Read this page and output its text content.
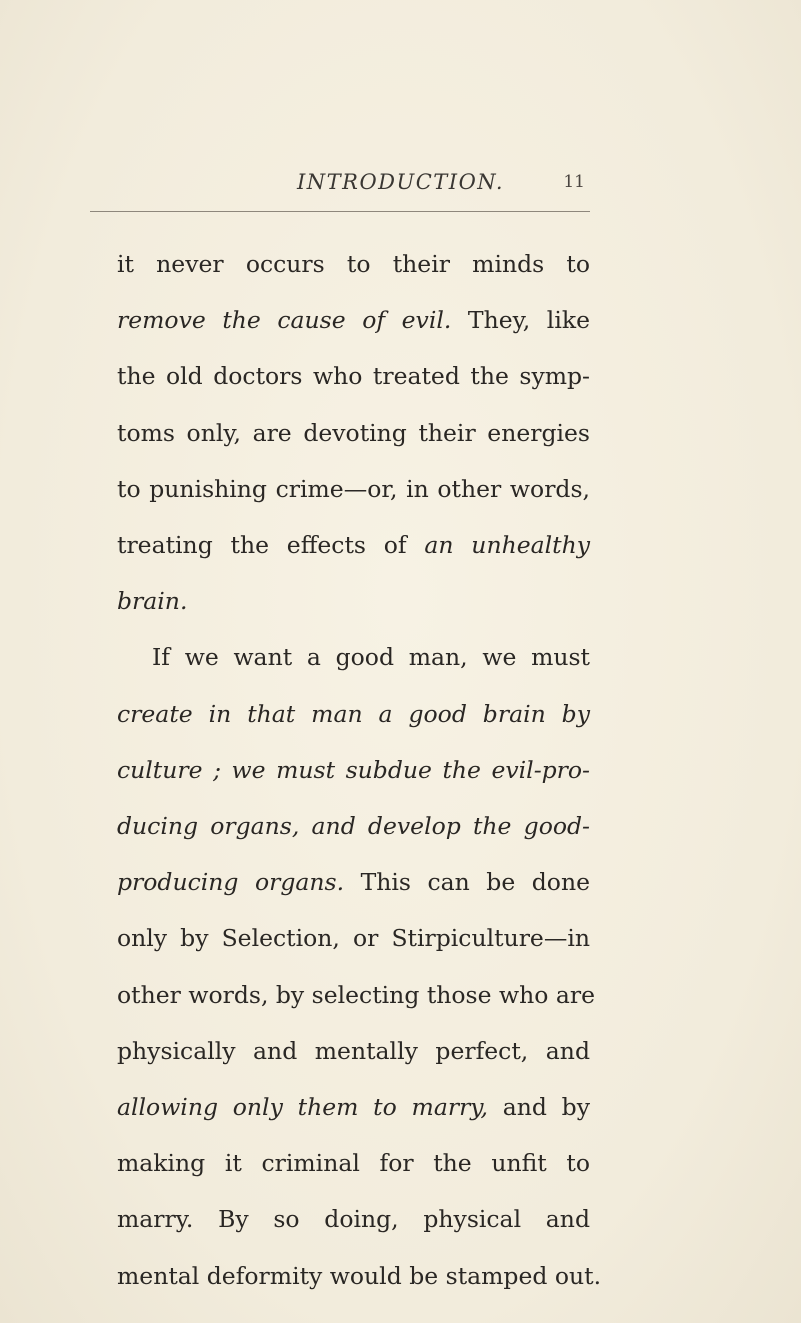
INTRODUCTION.	11
it never occurs to their minds to
remove the cause of evil. They, like
the old doctors who treated the symp-
toms only, are devoting their energies
to punishing crime—or, in other words,
treating the effects of an unhealthy
brain.
If we want a good man, we must
create in that man a good brain by
culture ; we must subdue the evil-pro-
ducing organs, and develop the good-
producing organs. This can be done
only by Selection, or Stirpiculture—in
other words, by selecting those who are
physically and mentally perfect, and
allowing only them to marry, and by
making it criminal for the unfit to
marry. By so doing, physical and
mental deformity would be stamped out.
